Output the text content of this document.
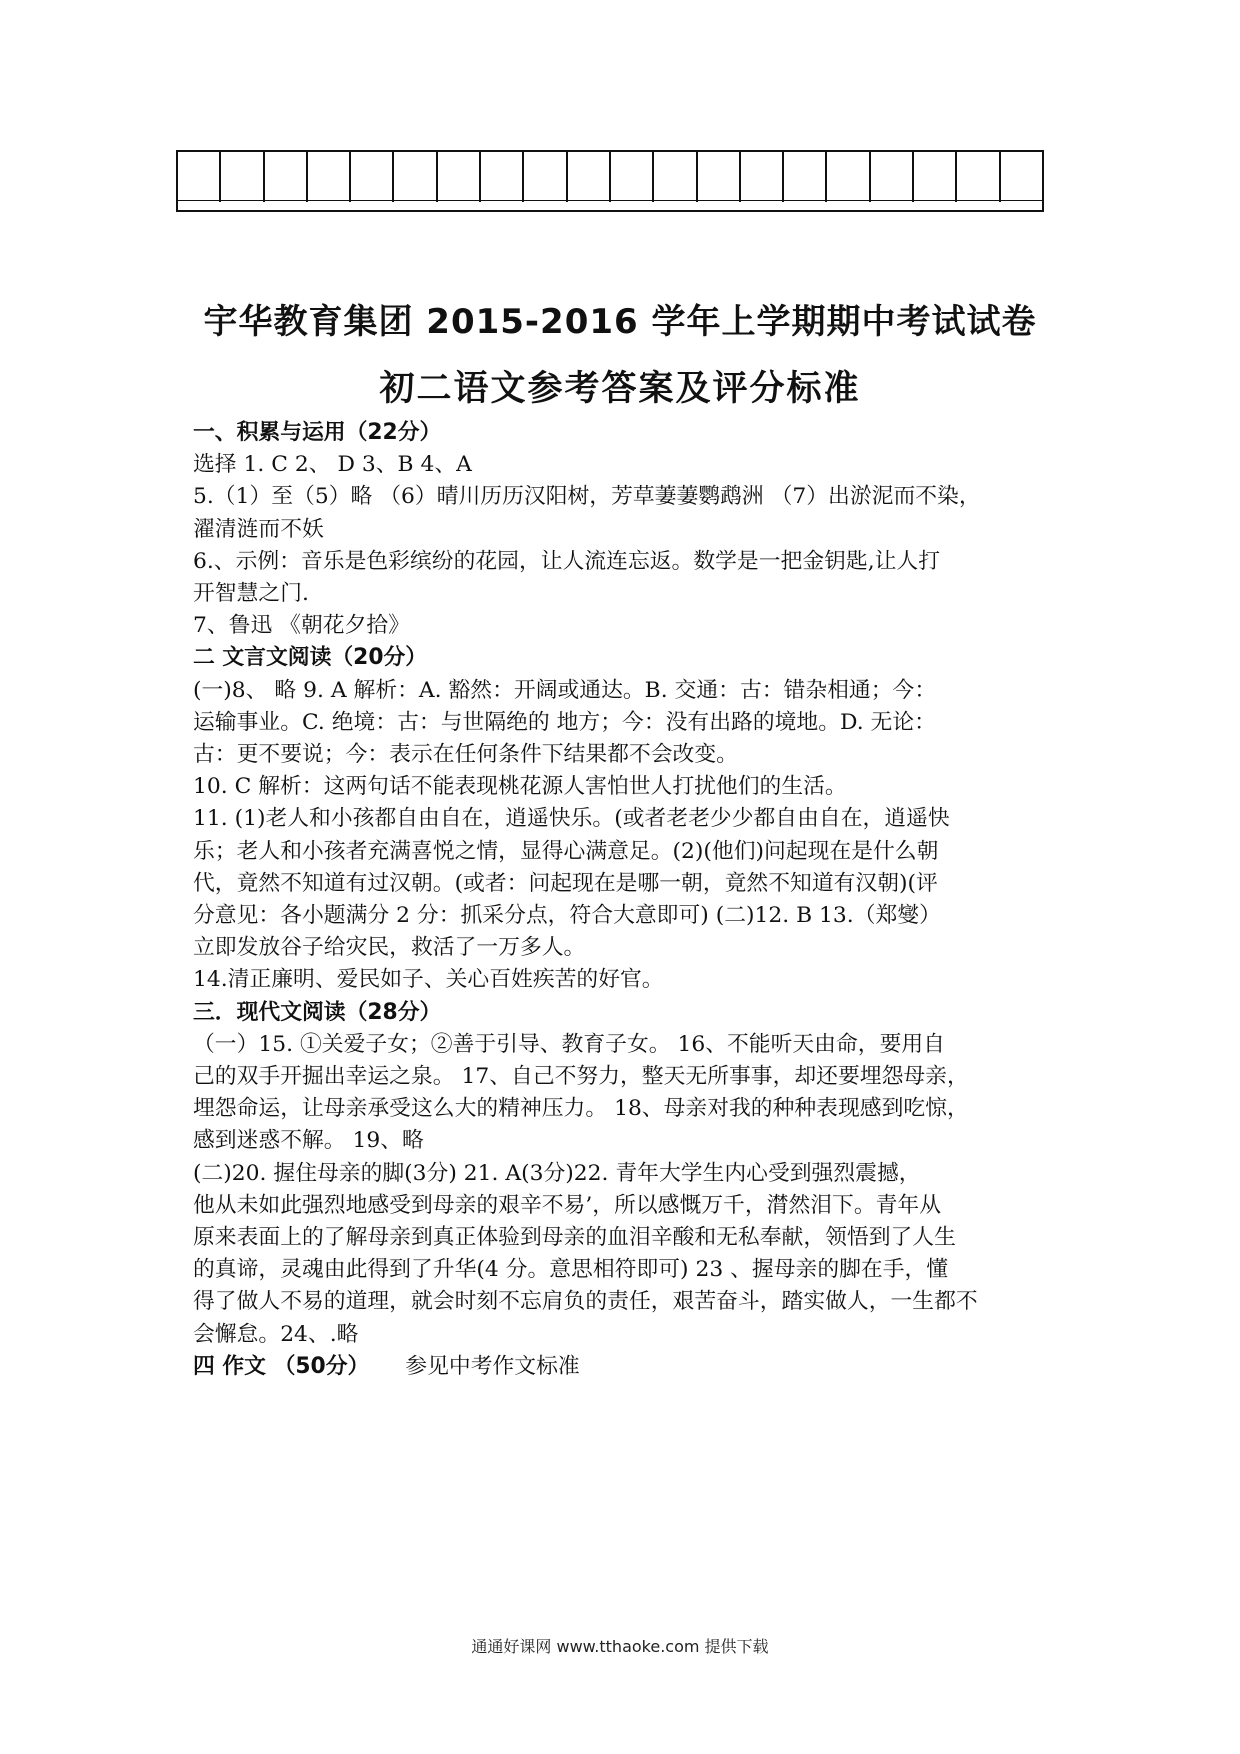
宇华教育集团 2015-2016 学年上学期期中考试试卷
初二语文参考答案及评分标准

一、积累与运用（22分）

选择 1. C 2、 D 3、B 4、A

5.（1）至（5）略 （6）晴川历历汉阳树，芳草萋萋鹦鹉洲 （7）出淤泥而不染，

濯清涟而不妖

6.、示例：音乐是色彩缤纷的花园，让人流连忘返。数学是一把金钥匙,让人打

开智慧之门.

7、鲁迅 《朝花夕拾》

二 文言文阅读（20分）

(一)8、 略 9. A 解析：A. 豁然：开阔或通达。B. 交通：古：错杂相通；今：

运输事业。C. 绝境：古：与世隔绝的 地方；今：没有出路的境地。D. 无论：

古：更不要说；今：表示在任何条件下结果都不会改变。

10. C 解析：这两句话不能表现桃花源人害怕世人打扰他们的生活。

11. (1)老人和小孩都自由自在，逍遥快乐。(或者老老少少都自由自在，逍遥快

乐；老人和小孩者充满喜悦之情，显得心满意足。(2)(他们)问起现在是什么朝

代，竟然不知道有过汉朝。(或者：问起现在是哪一朝，竟然不知道有汉朝)(评

分意见：各小题满分 2 分：抓采分点，符合大意即可) (二)12. B 13.（郑燮）

立即发放谷子给灾民，救活了一万多人。

14.清正廉明、爱民如子、关心百姓疾苦的好官。

三．现代文阅读（28分）

（一）15. ①关爱子女；②善于引导、教育子女。 16、不能听天由命，要用自

己的双手开掘出幸运之泉。 17、自己不努力，整天无所事事，却还要埋怨母亲，

埋怨命运，让母亲承受这么大的精神压力。 18、母亲对我的种种表现感到吃惊，

感到迷惑不解。 19、略

(二)20. 握住母亲的脚(3分) 21. A(3分)22. 青年大学生内心受到强烈震撼，

他从未如此强烈地感受到母亲的艰辛不易’，所以感慨万千，潸然泪下。青年从

原来表面上的了解母亲到真正体验到母亲的血泪辛酸和无私奉献，领悟到了人生

的真谛，灵魂由此得到了升华(4 分。意思相符即可) 23 、握母亲的脚在手，懂

得了做人不易的道理，就会时刻不忘肩负的责任，艰苦奋斗，踏实做人，一生都不

会懈怠。24、.略

四 作文 （50分） 参见中考作文标准

通通好课网 www.tthaoke.com 提供下载
